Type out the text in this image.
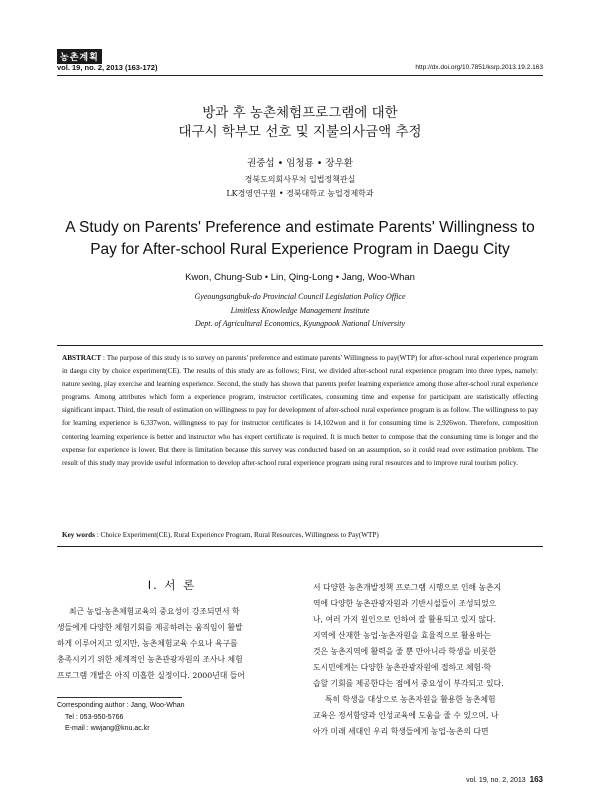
농촌계획
vol. 19, no. 2, 2013 (163-172)	http://dx.doi.org/10.7851/ksrp.2013.19.2.163
방과 후 농촌체험프로그램에 대한
대구시 학부모 선호 및 지불의사금액 추정
권중섭 • 임청룡 • 장우환
경북도의회사무처 입법정책관실
LK경영연구원 • 경북대학교 농업경제학과
A Study on Parents' Preference and estimate Parents' Willingness to
Pay for After-school Rural Experience Program in Daegu City
Kwon, Chung-Sub • Lin, Qing-Long • Jang, Woo-Whan
Gyeoungsangbuk-do Provincial Council Legislation Policy Office
Limitless Knowledge Management Institute
Dept. of Agricultural Economics, Kyungpook National University

ABSTRACT : The purpose of this study is to survey on parents' preference and estimate parents' Willingness to pay(WTP) for after-school rural experience program in daegu city by choice experiment(CE). The results of this study are as follows; First, we divided after-school rural experience program into three types, namely: nature seeing, play exercise and learning experience. Second, the study has shown that parents prefer learning experience among those after-school rural experience programs. Among attributes which form a experience program, instructor certificates, consuming time and expense for participant are statistically effecting significant impact. Third, the result of estimation on willingness to pay for development of after-school rural experience program is as follow. The willingness to pay for learning experience is 6,337won, willingness to pay for instructor certificates is 14,102won and it for consuming time is 2,926won. Therefore, composition centering learning experience is better and instructor who has expert certificate is required. It is much better to compose that the consuming time is longer and the expense for experience is lower. But there is limitation because this survey was conducted based on an assumption, so it could read over estimation problem. The result of this study may provide useful information to develop after-school rural experience program using rural resources and to improve rural tourism policy.

Key words : Choice Experiment(CE), Rural Experience Program, Rural Resources, Willingness to Pay(WTP)
I. 서 론
최근 농업·농촌체험교육의 중요성이 강조되면서 학
생들에게 다양한 체험기회를 제공하려는 움직임이 활발
하게 이루어지고 있지만, 농촌체험교육 수요나 욕구를
충족시키기 위한 체계적인 농촌관광자원의 조사나 체험
프로그램 개발은 아직 미흡한 실정이다. 2000년대 들어
서 다양한 농촌개발정책 프로그램 시행으로 인해 농촌지
역에 다양한 농촌관광자원과 기반시설들이 조성되었으
나, 여러 가지 원인으로 인하여 잘 활용되고 있지 않다.
지역에 산재한 농업·농촌자원을 효율적으로 활용하는
것은 농촌지역에 활력을 줄 뿐 만아니라 학생을 비롯한
도시민에게는 다양한 농촌관광자원에 접하고 체험·학
습할 기회를 제공한다는 점에서 중요성이 부각되고 있다.
특히 학생을 대상으로 농촌자원을 활용한 농촌체험
교육은 정서함양과 인성교육에 도움을 줄 수 있으며, 나
아가 미래 세대인 우리 학생들에게 농업·농촌의 다면
Corresponding author : Jang, Woo-Whan
Tel : 053-950-5766
E-mail : wwjang@knu.ac.kr
vol. 19, no. 2, 2013 163
